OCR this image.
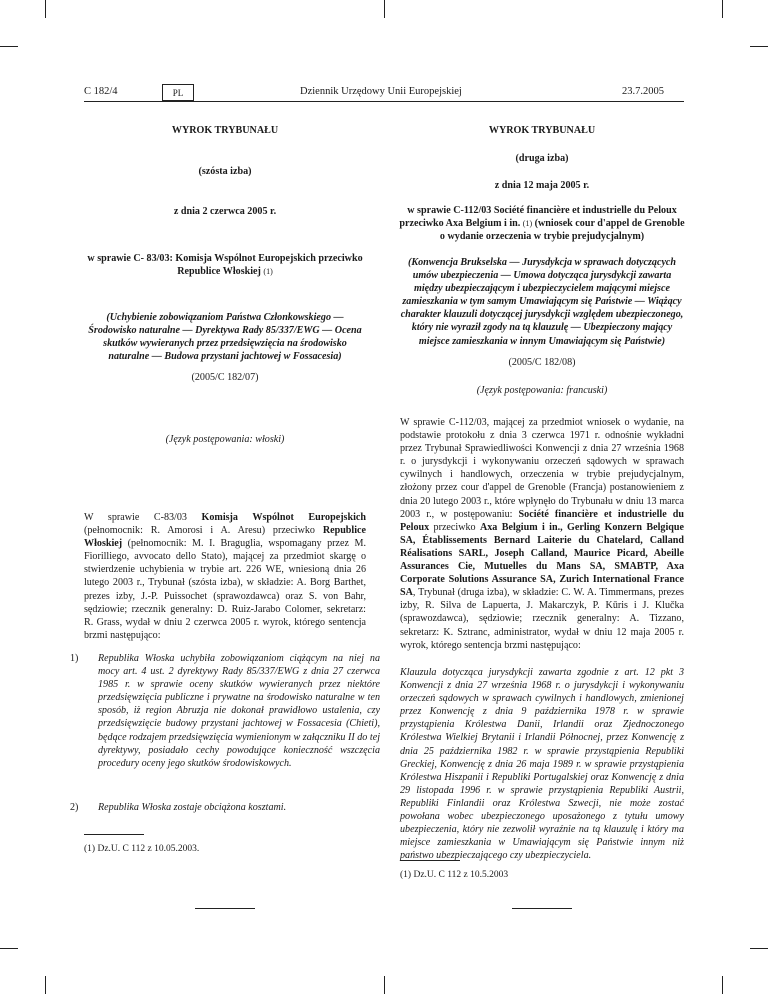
C 182/4	PL	Dziennik Urzędowy Unii Europejskiej	23.7.2005
WYROK TRYBUNAŁU
(szósta izba)
z dnia 2 czerwca 2005 r.
w sprawie C- 83/03: Komisja Wspólnot Europejskich przeciwko Republice Włoskiej (1)
(Uchybienie zobowiązaniom Państwa Członkowskiego — Środowisko naturalne — Dyrektywa Rady 85/337/EWG — Ocena skutków wywieranych przez przedsięwzięcia na środowisko naturalne — Budowa przystani jachtowej w Fossacesia)
(2005/C 182/07)
(Język postępowania: włoski)
W sprawie C-83/03 Komisja Wspólnot Europejskich (pełnomocnik: R. Amorosi i A. Aresu) przeciwko Republice Włoskiej (pełnomocnik: M. I. Braguglia, wspomagany przez M. Fiorilliego, avvocato dello Stato), mającej za przedmiot skargę o stwierdzenie uchybienia w trybie art. 226 WE, wniesioną dnia 26 lutego 2003 r., Trybunał (szósta izba), w składzie: A. Borg Barthet, prezes izby, J.-P. Puissochet (sprawozdawca) oraz S. von Bahr, sędziowie; rzecznik generalny: D. Ruiz-Jarabo Colomer, sekretarz: R. Grass, wydał w dniu 2 czerwca 2005 r. wyrok, którego sentencja brzmi następująco:
1) Republika Włoska uchybiła zobowiązaniom ciążącym na niej na mocy art. 4 ust. 2 dyrektywy Rady 85/337/EWG z dnia 27 czerwca 1985 r. w sprawie oceny skutków wywieranych przez niektóre przedsięwzięcia publiczne i prywatne na środowisko naturalne w ten sposób, iż region Abruzja nie dokonał prawidłowo ustalenia, czy przedsięwzięcie budowy przystani jachtowej w Fossacesia (Chieti), będące rodzajem przedsięwzięcia wymienionym w załączniku II do tej dyrektywy, posiadało cechy powodujące konieczność wszczęcia procedury oceny jego skutków środowiskowych.
2) Republika Włoska zostaje obciążona kosztami.
(1) Dz.U. C 112 z 10.05.2003.
WYROK TRYBUNAŁU
(druga izba)
z dnia 12 maja 2005 r.
w sprawie C-112/03 Société financière et industrielle du Peloux przeciwko Axa Belgium i in. (1) (wniosek cour d'appel de Grenoble o wydanie orzeczenia w trybie prejudycjalnym)
(Konwencja Brukselska — Jurysdykcja w sprawach dotyczących umów ubezpieczenia — Umowa dotycząca jurysdykcji zawarta między ubezpieczającym i ubezpieczycielem mającymi miejsce zamieszkania w tym samym Umawiającym się Państwie — Wiążący charakter klauzuli dotyczącej jurysdykcji względem ubezpieczonego, który nie wyraził zgody na tą klauzulę — Ubezpieczony mający miejsce zamieszkania w innym Umawiającym się Państwie)
(2005/C 182/08)
(Język postępowania: francuski)
W sprawie C-112/03, mającej za przedmiot wniosek o wydanie, na podstawie protokołu z dnia 3 czerwca 1971 r. odnośnie wykładni przez Trybunał Sprawiedliwości Konwencji z dnia 27 września 1968 r. o jurysdykcji i wykonywaniu orzeczeń sądowych w sprawach cywilnych i handlowych, orzeczenia w trybie prejudycjalnym, złożony przez cour d'appel de Grenoble (Francja) postanowieniem z dnia 20 lutego 2003 r., które wpłynęło do Trybunału w dniu 13 marca 2003 r., w postępowaniu: Société financière et industrielle du Peloux przeciwko Axa Belgium i in., Gerling Konzern Belgique SA, Établissements Bernard Laiterie du Chatelard, Calland Réalisations SARL, Joseph Calland, Maurice Picard, Abeille Assurances Cie, Mutuelles du Mans SA, SMABTP, Axa Corporate Solutions Assurance SA, Zurich International France SA, Trybunał (druga izba), w składzie: C. W. A. Timmermans, prezes izby, R. Silva de Lapuerta, J. Makarczyk, P. Kūris i J. Klučka (sprawozdawca), sędziowie; rzecznik generalny: A. Tizzano, sekretarz: K. Sztranc, administrator, wydał w dniu 12 maja 2005 r. wyrok, którego sentencja brzmi następująco:
Klauzula dotycząca jurysdykcji zawarta zgodnie z art. 12 pkt 3 Konwencji z dnia 27 września 1968 r. o jurysdykcji i wykonywaniu orzeczeń sądowych w sprawach cywilnych i handlowych, zmienionej przez Konwencję z dnia 9 października 1978 r. w sprawie przystąpienia Królestwa Danii, Irlandii oraz Zjednoczonego Królestwa Wielkiej Brytanii i Irlandii Północnej, przez Konwencję z dnia 25 października 1982 r. w sprawie przystąpienia Republiki Greckiej, Konwencję z dnia 26 maja 1989 r. w sprawie przystąpienia Królestwa Hiszpanii i Republiki Portugalskiej oraz Konwencję z dnia 29 listopada 1996 r. w sprawie przystąpienia Republiki Austrii, Republiki Finlandii oraz Królestwa Szwecji, nie może zostać powołana wobec ubezpieczonego uposażonego z tytułu umowy ubezpieczenia, który nie zezwolił wyraźnie na tą klauzulę i który ma miejsce zamieszkania w Umawiającym się Państwie innym niż państwo ubezpieczającego czy ubezpieczyciela.
(1) Dz.U. C 112 z 10.5.2003
